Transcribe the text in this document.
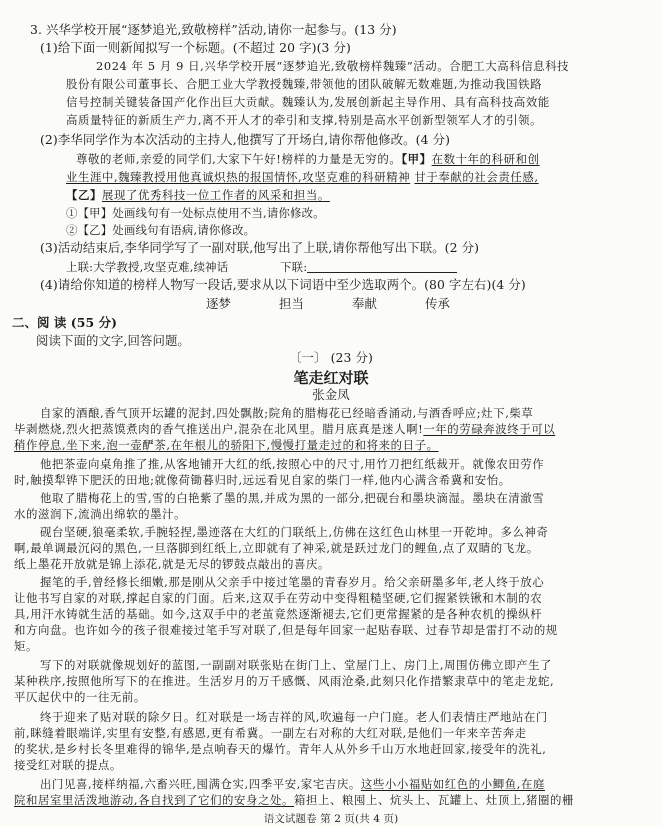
3. 兴华学校开展“逐梦追光,致敬榜样”活动,请你一起参与。(13 分)
(1)给下面一则新闻拟写一个标题。(不超过 20 字)(3 分)
2024 年 5 月 9 日,兴华学校开展“逐梦追光,致敬榜样魏臻”活动。合肥工大高科信息科技
股份有限公司董事长、合肥工业大学教授魏臻,带领他的团队破解无数难题,为推动我国铁路
信号控制关键装备国产化作出巨大贡献。魏臻认为,发展创新起主导作用、具有高科技高效能
高质量特征的新质生产力,离不开人才的牵引和支撑,特别是高水平创新型领军人才的引领。
(2)李华同学作为本次活动的主持人,他撰写了开场白,请你帮他修改。(4 分)
尊敬的老师,亲爱的同学们,大家下午好!榜样的力量是无穷的。【甲】在数十年的科研和创
业生涯中,魏臻教授用他真诚炽热的报国情怀,攻坚克难的科研精神 甘于奉献的社会责任感,
【乙】展现了优秀科技一位工作者的风采和担当。
①【甲】处画线句有一处标点使用不当,请你修改。
②【乙】处画线句有语病,请你修改。
(3)活动结束后,李华同学写了一副对联,他写出了上联,请你帮他写出下联。(2 分)
上联:大学教授,攻坚克难,续神话	下联:
(4)请给你知道的榜样人物写一段话,要求从以下词语中至少选取两个。(80 字左右)(4 分)
逐梦	担当	奉献	传承
二、阅 读 (55 分)
阅读下面的文字,回答问题。
〔一〕 (23 分)
笔走红对联
张金凤
自家的酒酿,香气顶开坛罐的泥封,四处飘散;院角的腊梅花已经暗香涌动,与酒香呼应;灶下,柴草
毕剥燃烧,烈火把蒸馍煮肉的香气推送出户,混杂在北风里。腊月底真是迷人啊!一年的劳碌奔波终于可以
稍作停息,坐下来,泡一壶酽茶,在年根儿的骄阳下,慢慢打量走过的和将来的日子。
他把茶壶向桌角推了推,从客地铺开大红的纸,按照心中的尺寸,用竹刀把红纸裁开。就像农田劳作
时,触摸犁铧下肥沃的田地;就像荷锄暮归时,远远看见自家的柴门一样,他内心满含希冀和安怡。
他取了腊梅花上的雪,雪的白艳紫了墨的黑,并成为黑的一部分,把砚台和墨块滴湿。墨块在清澈雪
水的滋润下,流淌出绵软的墨汁。
砚台坚硬,狼毫柔软,手腕轻捏,墨迹落在大红的门联纸上,仿佛在这红色山林里一开乾坤。多么神奇
啊,最单调最沉闷的黑色,一旦落脚到红纸上,立即就有了神采,就是跃过龙门的鲤鱼,点了双睛的飞龙。
纸上墨花开放就是锦上添花,就是无尽的锣鼓点敲出的喜庆。
握笔的手,曾经修长细嫩,那是刚从父亲手中接过笔墨的青春岁月。给父亲研墨多年,老人终于放心
让他书写自家的对联,撑起自家的门面。后来,这双手在劳动中变得粗糙坚硬,它们握紧铁锹和木制的农
具,用汗水铸就生活的基础。如今,这双手中的老茧竟然逐渐褪去,它们更常握紧的是各种农机的操纵杆
和方向盘。也许如今的孩子很难接过笔手写对联了,但是每年回家一起贴春联、过春节却是雷打不动的规
矩。
写下的对联就像规划好的蓝图,一副副对联张贴在街门上、堂屋门上、房门上,周围仿佛立即产生了
某种秩序,按照他所写下的在推进。生活岁月的万千感慨、风雨沧桑,此刻只化作措繁隶草中的笔走龙蛇,
平仄起伏中的一往无前。
终于迎来了贴对联的除夕日。红对联是一场吉祥的风,吹遍每一户门庭。老人们表情庄严地站在门
前,眯缝着眼端详,实里有安整,有感恩,更有希冀。一副左右对称的大红对联,是他们一年来辛苦奔走
的奖状,是乡村长冬里难得的锦华,是点响春天的爆竹。青年人从外乡千山万水地赶回家,接受年的洗礼,
接受红对联的提点。
出门见喜,接样纳福,六畜兴旺,囤满仓实,四季平安,家宅吉庆。这些小小福贴如红色的小鲫鱼,在庭
院和居室里活泼地游动,各自找到了它们的安身之处。箱担上、粮囤上、炕头上、瓦罐上、灶顶上,猪圈的栅
语文试题卷 第 2 页(共 4 页)
